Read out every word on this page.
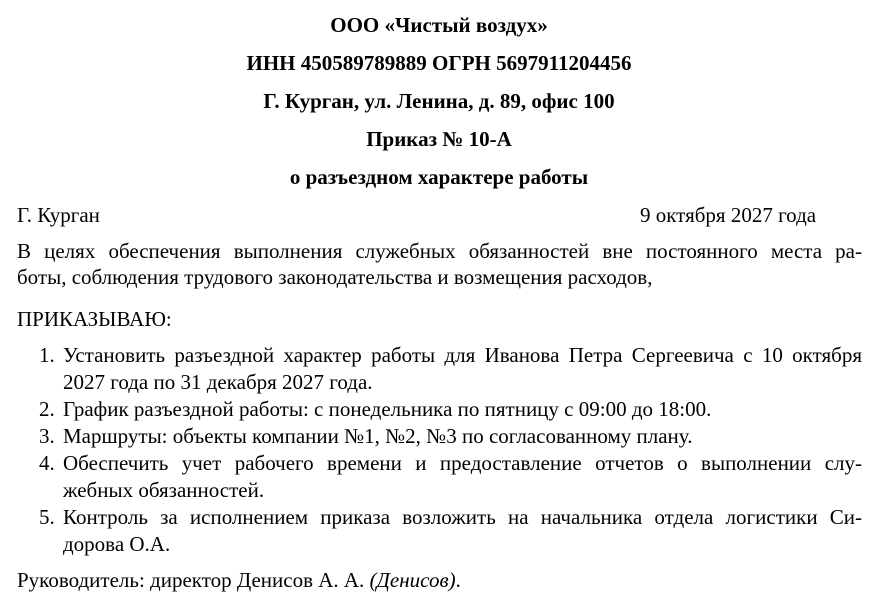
ООО «Чистый воздух»
ИНН 450589789889 ОГРН 5697911204456
Г. Курган, ул. Ленина, д. 89, офис 100
Приказ № 10-А
о разъездном характере работы
Г. Курган	9 октября 2027 года
В целях обеспечения выполнения служебных обязанностей вне постоянного места ра-
боты, соблюдения трудового законодательства и возмещения расходов,
ПРИКАЗЫВАЮ:
1. Установить разъездной характер работы для Иванова Петра Сергеевича с 10 октября
2027 года по 31 декабря 2027 года.
2. График разъездной работы: с понедельника по пятницу с 09:00 до 18:00.
3. Маршруты: объекты компании №1, №2, №3 по согласованному плану.
4. Обеспечить учет рабочего времени и предоставление отчетов о выполнении слу-
жебных обязанностей.
5. Контроль за исполнением приказа возложить на начальника отдела логистики Си-
дорова О.А.
Руководитель: директор Денисов А. А. (Денисов).
